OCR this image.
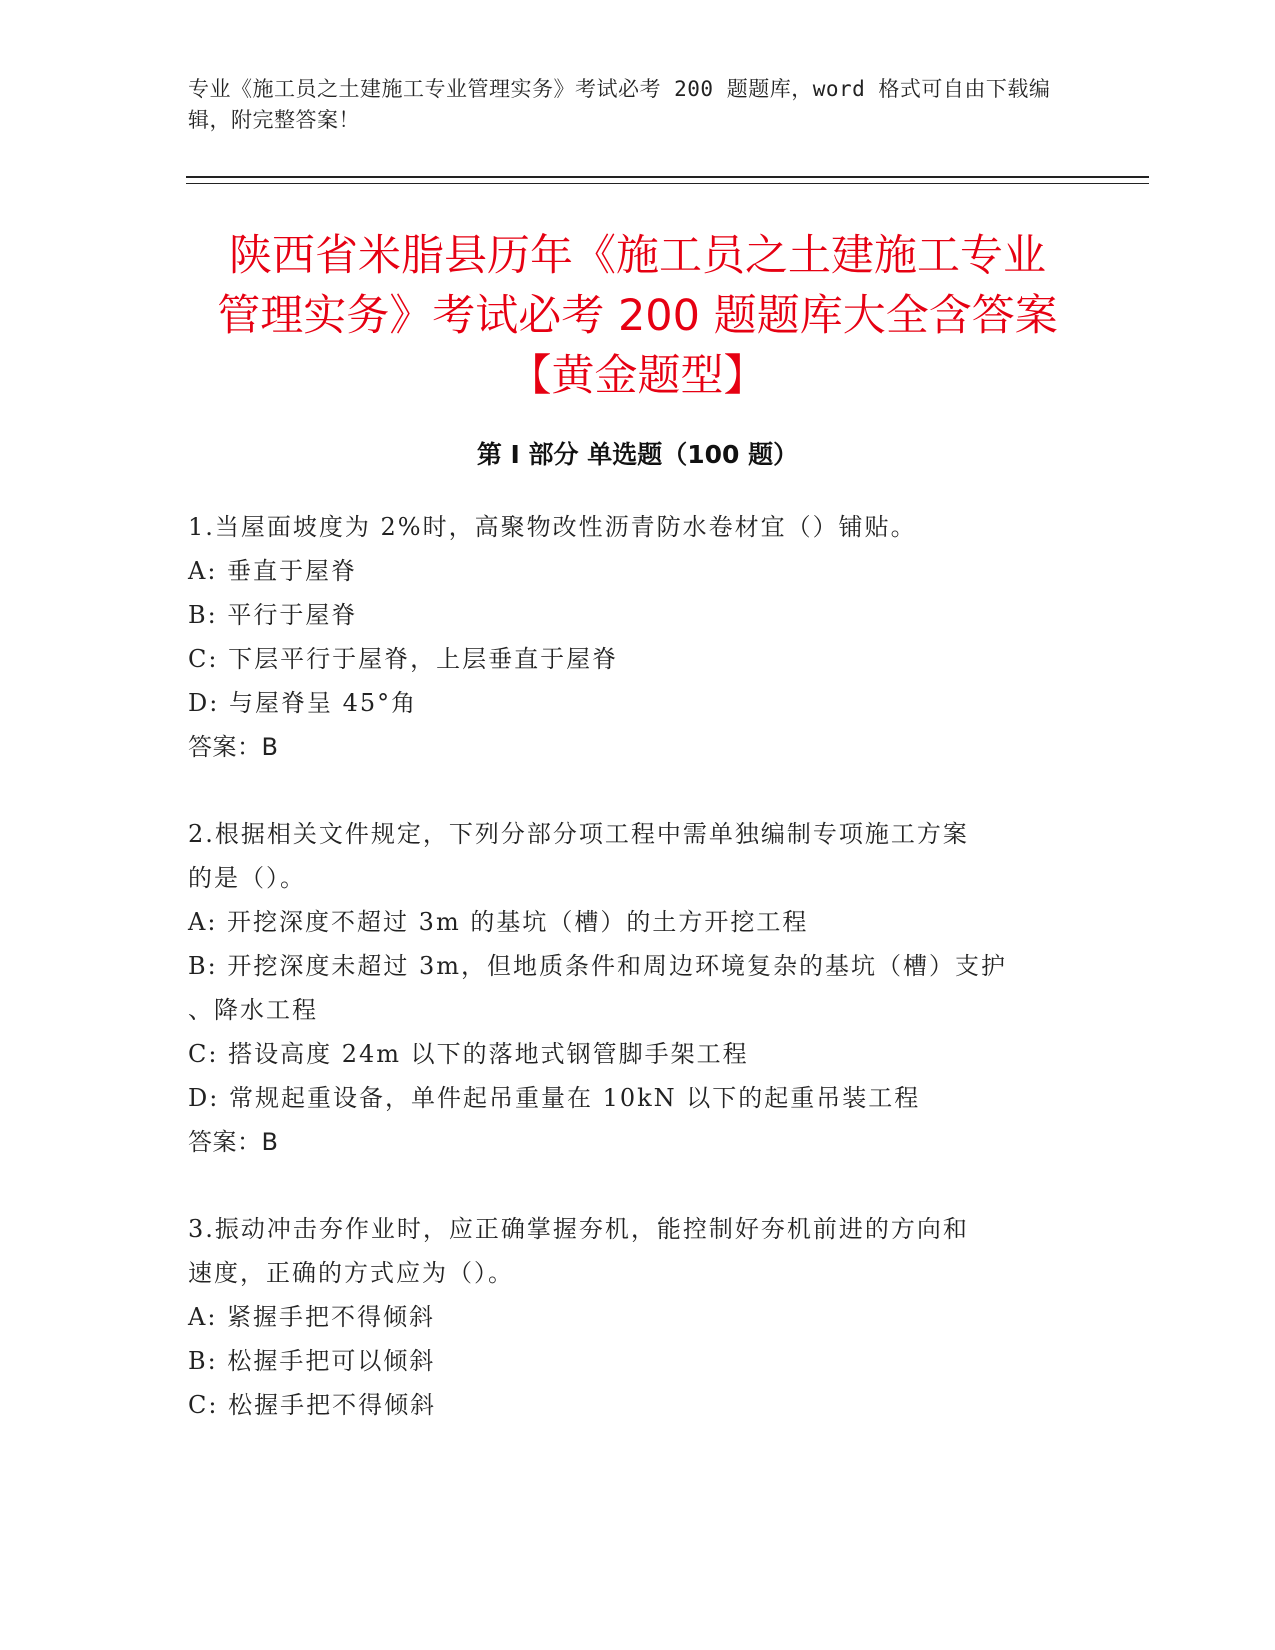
专业《施工员之土建施工专业管理实务》考试必考 200 题题库，word 格式可自由下载编辑，附完整答案！
陕西省米脂县历年《施工员之土建施工专业
管理实务》考试必考 200 题题库大全含答案
【黄金题型】
第 I 部分 单选题（100 题）
1.当屋面坡度为 2%时，高聚物改性沥青防水卷材宜（）铺贴。
A: 垂直于屋脊
B: 平行于屋脊
C: 下层平行于屋脊，上层垂直于屋脊
D: 与屋脊呈 45°角
答案：B
2.根据相关文件规定，下列分部分项工程中需单独编制专项施工方案
的是（）。
A: 开挖深度不超过 3m 的基坑（槽）的土方开挖工程
B: 开挖深度未超过 3m，但地质条件和周边环境复杂的基坑（槽）支护
、降水工程
C: 搭设高度 24m 以下的落地式钢管脚手架工程
D: 常规起重设备，单件起吊重量在 10kN 以下的起重吊装工程
答案：B
3.振动冲击夯作业时，应正确掌握夯机，能控制好夯机前进的方向和
速度，正确的方式应为（）。
A: 紧握手把不得倾斜
B: 松握手把可以倾斜
C: 松握手把不得倾斜
